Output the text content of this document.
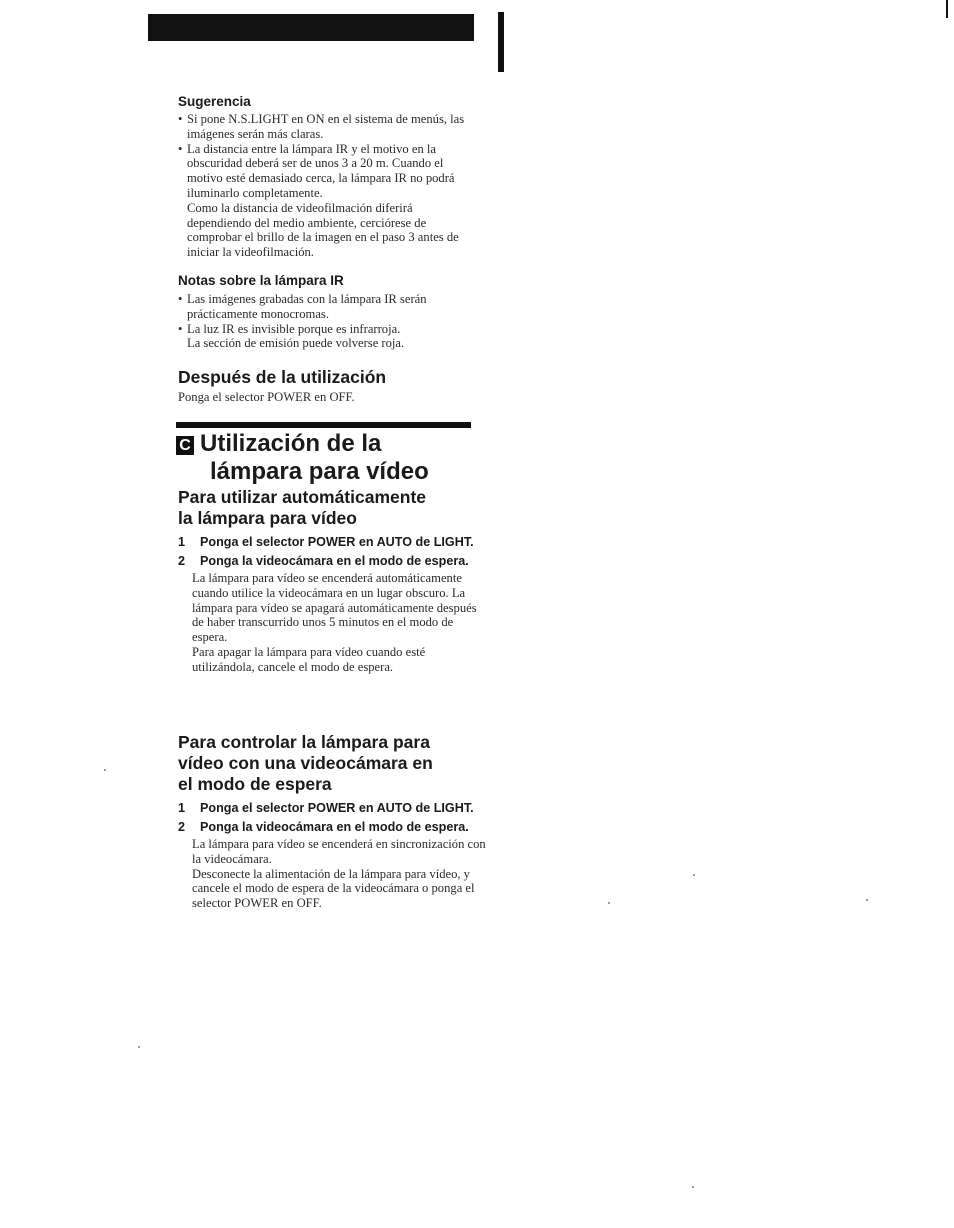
Sugerencia
• Si pone N.S.LIGHT en ON en el sistema de menús, las imágenes serán más claras.
• La distancia entre la lámpara IR y el motivo en la obscuridad deberá ser de unos 3 a 20 m. Cuando el motivo esté demasiado cerca, la lámpara IR no podrá iluminarlo completamente.
Como la distancia de videofilmación diferirá dependiendo del medio ambiente, cerciórese de comprobar el brillo de la imagen en el paso 3 antes de iniciar la videofilmación.
Notas sobre la lámpara IR
• Las imágenes grabadas con la lámpara IR serán prácticamente monocromas.
• La luz IR es invisible porque es infrarroja.
La sección de emisión puede volverse roja.
Después de la utilización
Ponga el selector POWER en OFF.
C Utilización de la
lámpara para vídeo
Para utilizar automáticamente
la lámpara para vídeo
1 Ponga el selector POWER en AUTO de LIGHT.
2 Ponga la videocámara en el modo de espera.
La lámpara para vídeo se encenderá automáticamente cuando utilice la videocámara en un lugar obscuro. La lámpara para vídeo se apagará automáticamente después de haber transcurrido unos 5 minutos en el modo de espera.
Para apagar la lámpara para vídeo cuando esté utilizándola, cancele el modo de espera.
Para controlar la lámpara para
vídeo con una videocámara en
el modo de espera
1 Ponga el selector POWER en AUTO de LIGHT.
2 Ponga la videocámara en el modo de espera.
La lámpara para vídeo se encenderá en sincronización con la videocámara.
Desconecte la alimentación de la lámpara para vídeo, y cancele el modo de espera de la videocámara o ponga el selector POWER en OFF.
